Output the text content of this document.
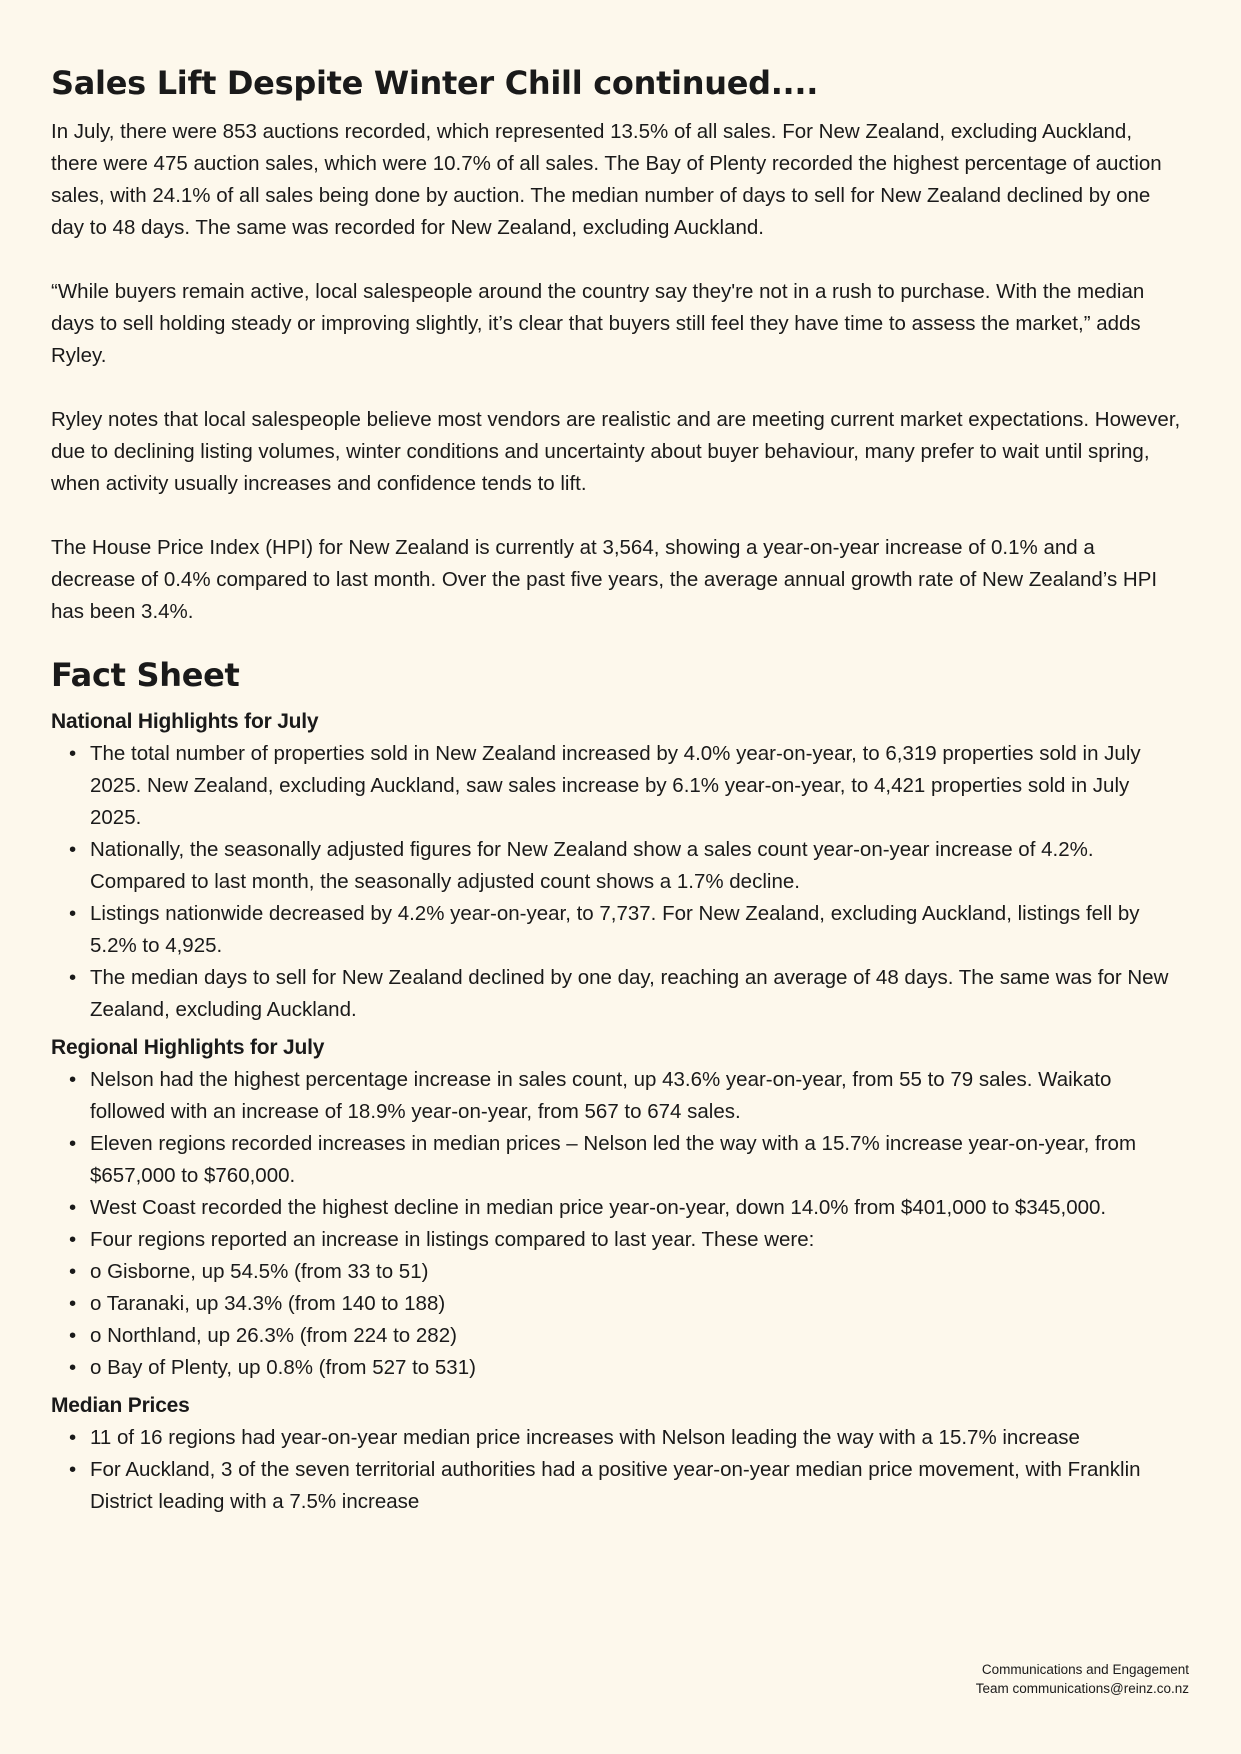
Sales Lift Despite Winter Chill continued....

In July, there were 853 auctions recorded, which represented 13.5% of all sales. For New Zealand, excluding Auckland, there were 475 auction sales, which were 10.7% of all sales. The Bay of Plenty recorded the highest percentage of auction sales, with 24.1% of all sales being done by auction. The median number of days to sell for New Zealand declined by one day to 48 days. The same was recorded for New Zealand, excluding Auckland.

“While buyers remain active, local salespeople around the country say they're not in a rush to purchase. With the median days to sell holding steady or improving slightly, it’s clear that buyers still feel they have time to assess the market,” adds Ryley.

Ryley notes that local salespeople believe most vendors are realistic and are meeting current market expectations. However, due to declining listing volumes, winter conditions and uncertainty about buyer behaviour, many prefer to wait until spring, when activity usually increases and confidence tends to lift.

The House Price Index (HPI) for New Zealand is currently at 3,564, showing a year-on-year increase of 0.1% and a decrease of 0.4% compared to last month. Over the past five years, the average annual growth rate of New Zealand’s HPI has been 3.4%.

Fact Sheet
National Highlights for July
• The total number of properties sold in New Zealand increased by 4.0% year-on-year, to 6,319 properties sold in July 2025. New Zealand, excluding Auckland, saw sales increase by 6.1% year-on-year, to 4,421 properties sold in July 2025.
• Nationally, the seasonally adjusted figures for New Zealand show a sales count year-on-year increase of 4.2%. Compared to last month, the seasonally adjusted count shows a 1.7% decline.
• Listings nationwide decreased by 4.2% year-on-year, to 7,737. For New Zealand, excluding Auckland, listings fell by 5.2% to 4,925.
• The median days to sell for New Zealand declined by one day, reaching an average of 48 days. The same was for New Zealand, excluding Auckland.
Regional Highlights for July
• Nelson had the highest percentage increase in sales count, up 43.6% year-on-year, from 55 to 79 sales. Waikato followed with an increase of 18.9% year-on-year, from 567 to 674 sales.
• Eleven regions recorded increases in median prices – Nelson led the way with a 15.7% increase year-on-year, from $657,000 to $760,000.
• West Coast recorded the highest decline in median price year-on-year, down 14.0% from $401,000 to $345,000.
• Four regions reported an increase in listings compared to last year. These were:
• o Gisborne, up 54.5% (from 33 to 51)
• o Taranaki, up 34.3% (from 140 to 188)
• o Northland, up 26.3% (from 224 to 282)
• o Bay of Plenty, up 0.8% (from 527 to 531)
Median Prices
• 11 of 16 regions had year-on-year median price increases with Nelson leading the way with a 15.7% increase
• For Auckland, 3 of the seven territorial authorities had a positive year-on-year median price movement, with Franklin District leading with a 7.5% increase
Communications and Engagement
Team communications@reinz.co.nz
